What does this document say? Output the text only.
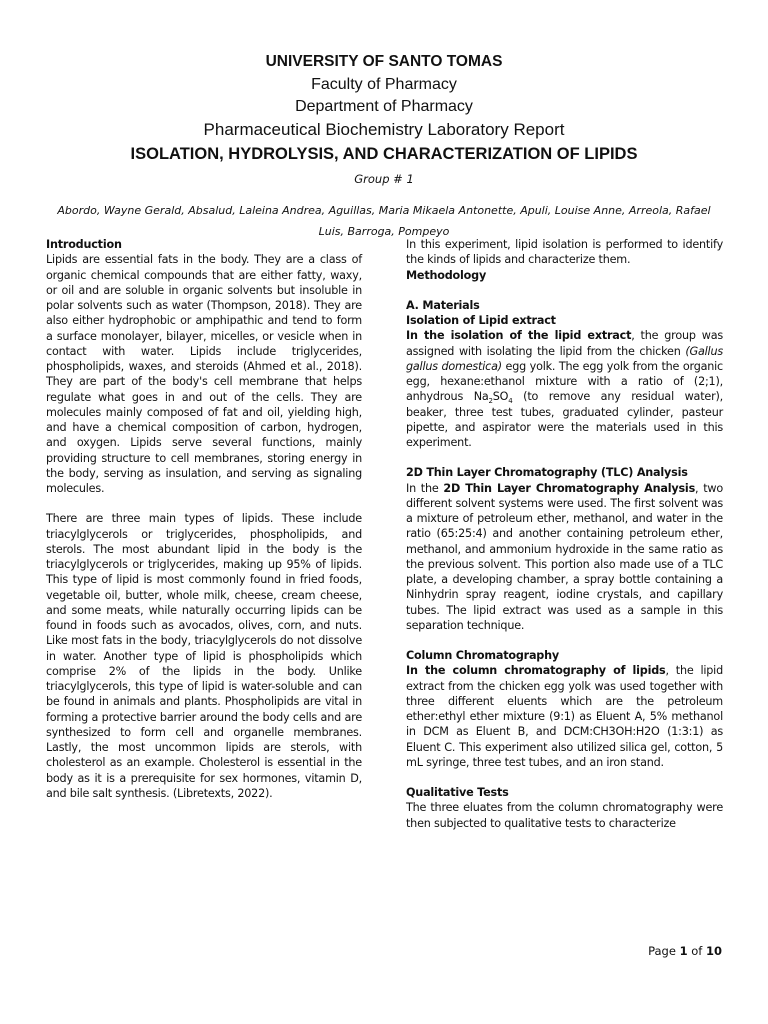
UNIVERSITY OF SANTO TOMAS

Faculty of Pharmacy

Department of Pharmacy

Pharmaceutical Biochemistry Laboratory Report

ISOLATION, HYDROLYSIS, AND CHARACTERIZATION OF LIPIDS

Group # 1

Abordo, Wayne Gerald, Absalud, Laleina Andrea, Aguillas, Maria Mikaela Antonette, Apuli, Louise Anne, Arreola, Rafael Luis, Barroga, Pompeyo

Introduction

Lipids are essential fats in the body. They are a class of organic chemical compounds that are either fatty, waxy, or oil and are soluble in organic solvents but insoluble in polar solvents such as water (Thompson, 2018). They are also either hydrophobic or amphipathic and tend to form a surface monolayer, bilayer, micelles, or vesicle when in contact with water. Lipids include triglycerides, phospholipids, waxes, and steroids (Ahmed et al., 2018). They are part of the body's cell membrane that helps regulate what goes in and out of the cells. They are molecules mainly composed of fat and oil, yielding high, and have a chemical composition of carbon, hydrogen, and oxygen. Lipids serve several functions, mainly providing structure to cell membranes, storing energy in the body, serving as insulation, and serving as signaling molecules.

There are three main types of lipids. These include triacylglycerols or triglycerides, phospholipids, and sterols. The most abundant lipid in the body is the triacylglycerols or triglycerides, making up 95% of lipids. This type of lipid is most commonly found in fried foods, vegetable oil, butter, whole milk, cheese, cream cheese, and some meats, while naturally occurring lipids can be found in foods such as avocados, olives, corn, and nuts. Like most fats in the body, triacylglycerols do not dissolve in water. Another type of lipid is phospholipids which comprise 2% of the lipids in the body. Unlike triacylglycerols, this type of lipid is water-soluble and can be found in animals and plants. Phospholipids are vital in forming a protective barrier around the body cells and are synthesized to form cell and organelle membranes. Lastly, the most uncommon lipids are sterols, with cholesterol as an example. Cholesterol is essential in the body as it is a prerequisite for sex hormones, vitamin D, and bile salt synthesis. (Libretexts, 2022).

In this experiment, lipid isolation is performed to identify the kinds of lipids and characterize them.

Methodology

A. Materials

Isolation of Lipid extract

In the isolation of the lipid extract, the group was assigned with isolating the lipid from the chicken (Gallus gallus domestica) egg yolk. The egg yolk from the organic egg, hexane:ethanol mixture with a ratio of (2;1), anhydrous $Na_2SO_4$ (to remove any residual water), beaker, three test tubes, graduated cylinder, pasteur pipette, and aspirator were the materials used in this experiment.

2D Thin Layer Chromatography (TLC) Analysis

In the 2D Thin Layer Chromatography Analysis, two different solvent systems were used. The first solvent was a mixture of petroleum ether, methanol, and water in the ratio (65:25:4) and another containing petroleum ether, methanol, and ammonium hydroxide in the same ratio as the previous solvent. This portion also made use of a TLC plate, a developing chamber, a spray bottle containing a Ninhydrin spray reagent, iodine crystals, and capillary tubes. The lipid extract was used as a sample in this separation technique.

Column Chromatography

In the column chromatography of lipids, the lipid extract from the chicken egg yolk was used together with three different eluents which are the petroleum ether:ethyl ether mixture (9:1) as Eluent A, 5% methanol in DCM as Eluent B, and DCM:CH3OH:H2O (1:3:1) as Eluent C. This experiment also utilized silica gel, cotton, 5 mL syringe, three test tubes, and an iron stand.

Qualitative Tests

The three eluates from the column chromatography were then subjected to qualitative tests to characterize

Page 1 of 10
